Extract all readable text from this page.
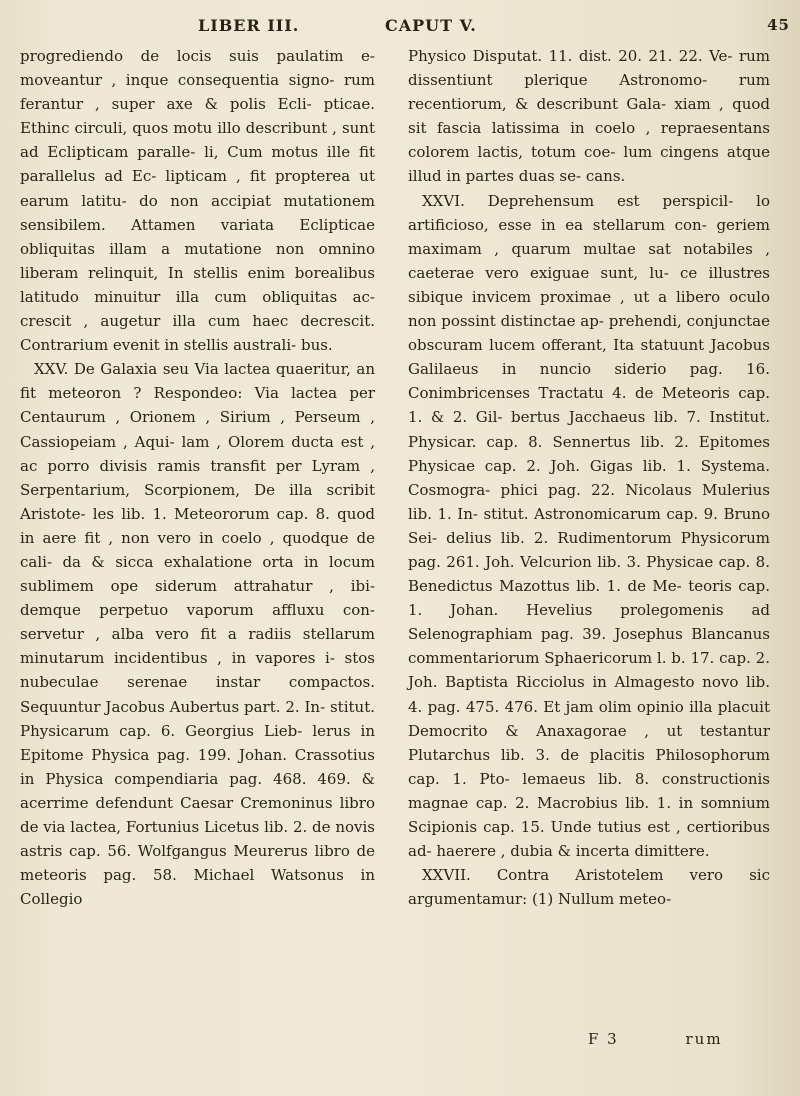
LIBER III.	CAPUT V.	45

progrediendo de locis suis paulatim e- moveantur , inque consequentia signo- rum ferantur , super axe & polis Ecli- pticae. Ethinc circuli, quos motu illo describunt , sunt ad Eclipticam paralle- li, Cum motus ille fit parallelus ad Ec- lipticam , fit propterea ut earum latitu- do non accipiat mutationem sensibilem. Attamen variata Eclipticae obliquitas illam a mutatione non omnino liberam relinquit, In stellis enim borealibus latitudo minuitur illa cum obliquitas ac- crescit , augetur illa cum haec decrescit. Contrarium evenit in stellis australi- bus.

XXV. De Galaxia seu Via lactea quaeritur, an fit meteoron ? Respondeo: Via lactea per Centaurum , Orionem , Sirium , Perseum , Cassiopeiam , Aqui- lam , Olorem ducta est , ac porro divisis ramis transfit per Lyram , Serpentarium, Scorpionem, De illa scribit Aristote- les lib. 1. Meteororum cap. 8. quod in aere fit , non vero in coelo , quodque de cali- da & sicca exhalatione orta in locum sublimem ope siderum attrahatur , ibi- demque perpetuo vaporum affluxu con- servetur , alba vero fit a radiis stellarum minutarum incidentibus , in vapores i- stos nubeculae serenae instar compactos. Sequuntur Jacobus Aubertus part. 2. In- stitut. Physicarum cap. 6. Georgius Lieb- lerus in Epitome Physica pag. 199. Johan. Crassotius in Physica compendiaria pag. 468. 469. & acerrime defendunt Caesar Cremoninus libro de via lactea, Fortunius Licetus lib. 2. de novis astris cap. 56. Wolfgangus Meurerus libro de meteoris pag. 58. Michael Watsonus in Collegio

Physico Disputat. 11. dist. 20. 21. 22. Ve- rum dissentiunt plerique Astronomo- rum recentiorum, & describunt Gala- xiam , quod sit fascia latissima in coelo , repraesentans colorem lactis, totum coe- lum cingens atque illud in partes duas se- cans.

XXVI. Deprehensum est perspicil- lo artificioso, esse in ea stellarum con- geriem maximam , quarum multae sat notabiles , caeterae vero exiguae sunt, lu- ce illustres sibique invicem proximae , ut a libero oculo non possint distinctae ap- prehendi, conjunctae obscuram lucem offerant, Ita statuunt Jacobus Galilaeus in nuncio siderio pag. 16. Conimbricenses Tractatu 4. de Meteoris cap. 1. & 2. Gil- bertus Jacchaeus lib. 7. Institut. Physicar. cap. 8. Sennertus lib. 2. Epitomes Physicae cap. 2. Joh. Gigas lib. 1. Systema. Cosmogra- phici pag. 22. Nicolaus Mulerius lib. 1. In- stitut. Astronomicarum cap. 9. Bruno Sei- delius lib. 2. Rudimentorum Physicorum pag. 261. Joh. Velcurion lib. 3. Physicae cap. 8. Benedictus Mazottus lib. 1. de Me- teoris cap. 1. Johan. Hevelius prolegomenis ad Selenographiam pag. 39. Josephus Blancanus commentariorum Sphaericorum l. b. 17. cap. 2. Joh. Baptista Ricciolus in Almagesto novo lib. 4. pag. 475. 476. Et jam olim opinio illa placuit Democrito & Anaxagorae , ut testantur Plutarchus lib. 3. de placitis Philosophorum cap. 1. Pto- lemaeus lib. 8. constructionis magnae cap. 2. Macrobius lib. 1. in somnium Scipionis cap. 15. Unde tutius est , certioribus ad- haerere , dubia & incerta dimittere.

XXVII. Contra Aristotelem vero sic argumentamur: (1) Nullum meteo-

F 3	rum
